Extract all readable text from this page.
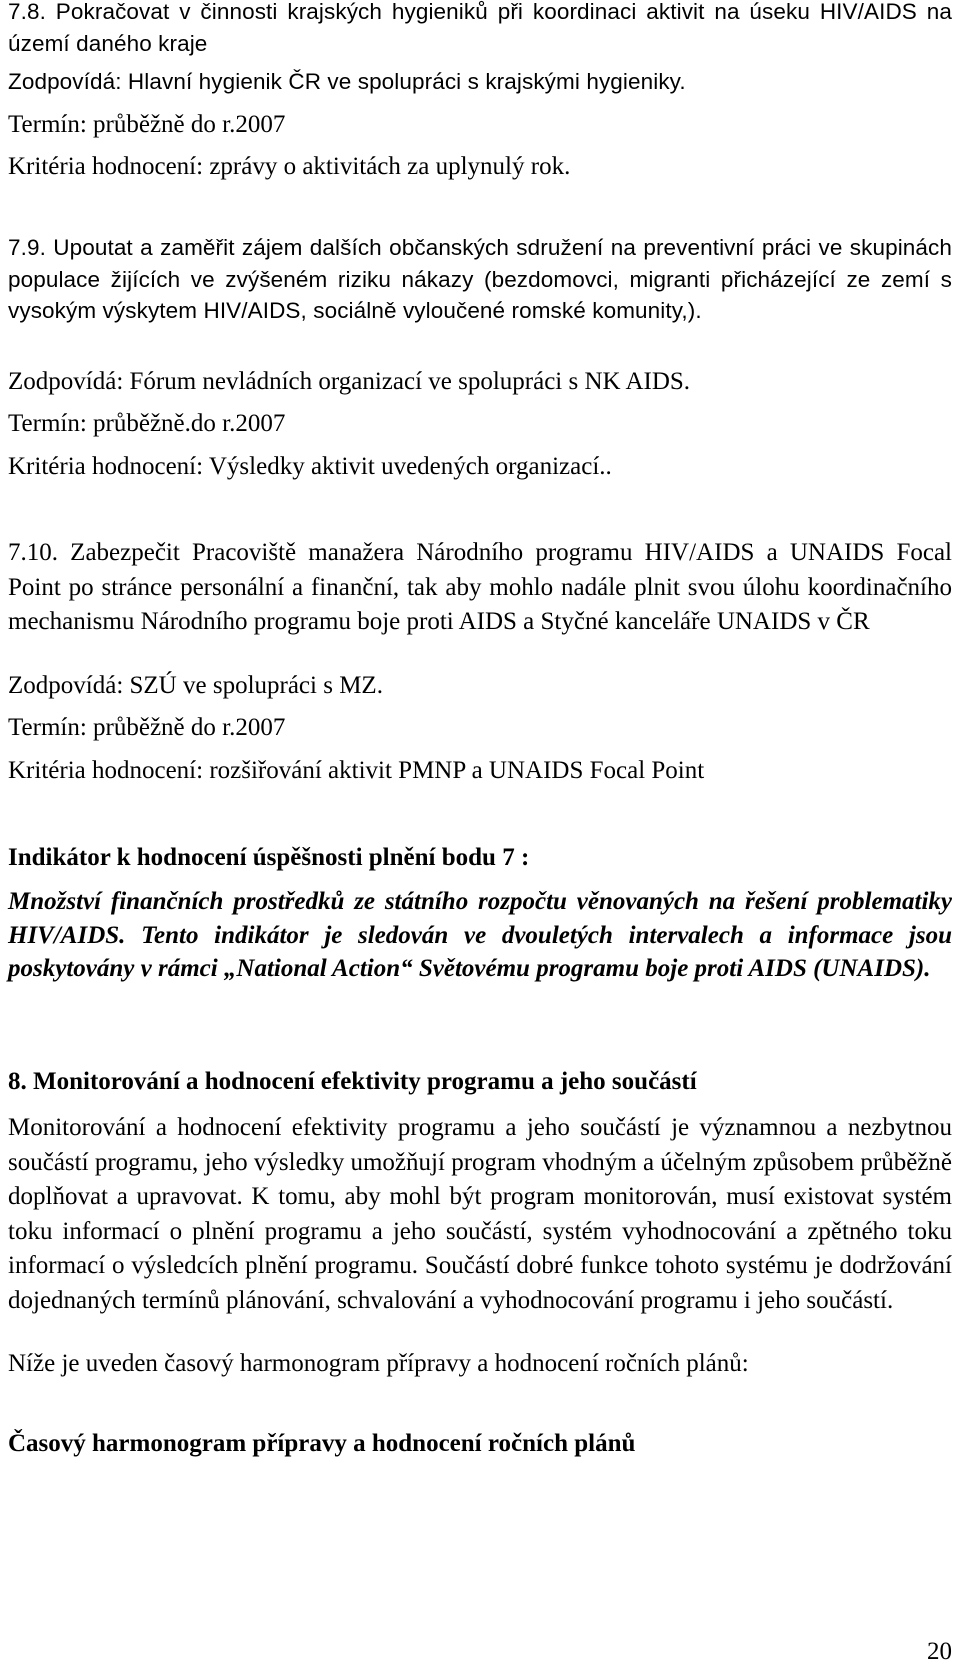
7.8. Pokračovat v činnosti krajských hygieniků při koordinaci aktivit na úseku HIV/AIDS na území daného kraje

Zodpovídá: Hlavní hygienik ČR ve spolupráci s krajskými hygieniky.

Termín: průběžně do r.2007

Kritéria hodnocení: zprávy o aktivitách za uplynulý rok.

7.9. Upoutat a zaměřit zájem dalších občanských sdružení na preventivní práci ve skupinách populace žijících ve zvýšeném riziku nákazy (bezdomovci, migranti přicházející ze zemí s vysokým výskytem HIV/AIDS, sociálně vyloučené romské komunity,).

Zodpovídá: Fórum nevládních organizací ve spolupráci s NK AIDS.

Termín: průběžně.do r.2007

Kritéria hodnocení: Výsledky aktivit uvedených organizací..

7.10. Zabezpečit Pracoviště manažera Národního programu HIV/AIDS a UNAIDS Focal Point po stránce personální a finanční, tak aby mohlo nadále plnit svou úlohu koordinačního mechanismu Národního programu boje proti AIDS a Styčné kanceláře UNAIDS v ČR

Zodpovídá: SZÚ ve spolupráci s MZ.

Termín: průběžně do r.2007

Kritéria hodnocení: rozšiřování aktivit PMNP a UNAIDS Focal Point

Indikátor k hodnocení úspěšnosti plnění bodu 7 :

Množství finančních prostředků ze státního rozpočtu věnovaných na řešení problematiky HIV/AIDS. Tento indikátor je sledován ve dvouletých intervalech a informace jsou poskytovány v rámci „National Action“ Světovému programu boje proti AIDS (UNAIDS).

8. Monitorování a hodnocení efektivity programu a jeho součástí

Monitorování a hodnocení efektivity programu a jeho součástí je významnou a nezbytnou součástí programu, jeho výsledky umožňují program vhodným a účelným způsobem průběžně doplňovat a upravovat. K tomu, aby mohl být program monitorován, musí existovat systém toku informací o plnění programu a jeho součástí, systém vyhodnocování a zpětného toku informací o výsledcích plnění programu. Součástí dobré funkce tohoto systému je dodržování dojednaných termínů plánování, schvalování a vyhodnocování programu i jeho součástí.

Níže je uveden časový harmonogram přípravy a hodnocení ročních plánů:

Časový harmonogram přípravy a hodnocení ročních plánů

20
